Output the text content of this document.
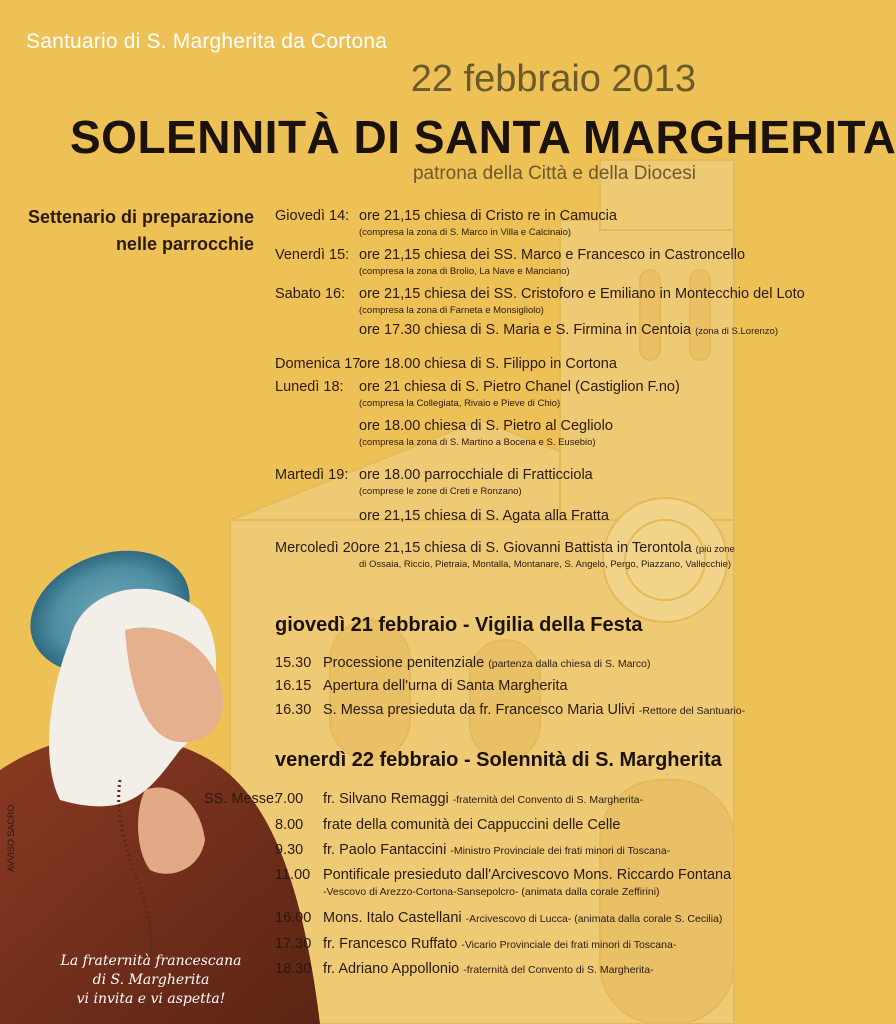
Santuario di S. Margherita da Cortona
22 febbraio 2013
SOLENNITÀ DI SANTA MARGHERITA
patrona della Città e della Diocesi
Settenario di preparazione nelle parrocchie
Giovedì 14: ore 21,15 chiesa di Cristo re in Camucia
(compresa la zona di S. Marco in Villa e Calcinaio)
Venerdì 15: ore 21,15 chiesa dei SS. Marco e Francesco in Castroncello
(compresa la zona di Brolio, La Nave e Manciano)
Sabato 16: ore 21,15 chiesa dei SS. Cristoforo e Emiliano in Montecchio del Loto
(compresa la zona di Farneta e Monsigliolo)
ore 17.30 chiesa di S. Maria e S. Firmina in Centoia (zona di S.Lorenzo)
Domenica 17:
ore 18.00 chiesa di S. Filippo in Cortona
Lunedì 18: ore 21 chiesa di S. Pietro Chanel (Castiglion F.no)
(compresa la Collegiata, Rivaio e Pieve di Chio)
ore 18.00 chiesa di S. Pietro al Cegliolo
(compresa la zona di S. Martino a Bocena e S. Eusebio)
Martedì 19: ore 18.00 parrocchiale di Fratticciola
(comprese le zone di Creti e Ronzano)
ore 21,15 chiesa di S. Agata alla Fratta
Mercoledì 20:
ore 21,15 chiesa di S. Giovanni Battista in Terontola (più zone
di Ossaia, Riccio, Pietraia, Montalla, Montanare, S. Angelo, Pergo, Piazzano, Vallecchie)
giovedì 21 febbraio - Vigilia della Festa
15.30 Processione penitenziale (partenza dalla chiesa di S. Marco)
16.15 Apertura dell'urna di Santa Margherita
16.30 S. Messa presieduta da fr. Francesco Maria Ulivi -Rettore del Santuario-
venerdì 22 febbraio - Solennità di S. Margherita
SS. Messe:
7.00 fr. Silvano Remaggi -fraternità del Convento di S. Margherita-
8.00 frate della comunità dei Cappuccini delle Celle
9.30 fr. Paolo Fantaccini -Ministro Provinciale dei frati minori di Toscana-
11.00 Pontificale presieduto dall'Arcivescovo Mons. Riccardo Fontana
-Vescovo di Arezzo-Cortona-Sansepolcro- (animata dalla corale Zeffirini)
16.00 Mons. Italo Castellani -Arcivescovo di Lucca- (animata dalla corale S. Cecilia)
17.30 fr. Francesco Ruffato -Vicario Provinciale dei frati minori di Toscana-
18.30 fr. Adriano Appollonio -fraternità del Convento di S. Margherita-
AVVISO SACRO
La fraternità francescana
di S. Margherita
vi invita e vi aspetta!
